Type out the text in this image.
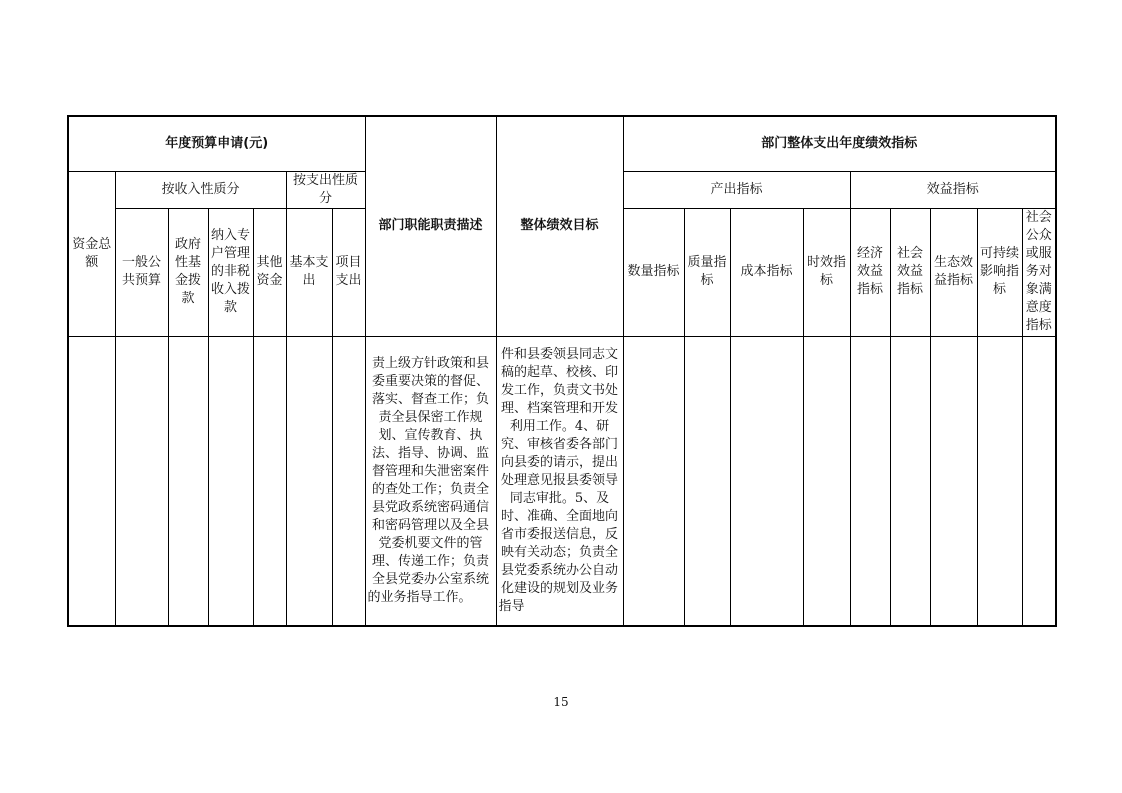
年度预算申请(元)							部门职能职责描述	整体绩效目标	部门整体支出年度绩效指标								
资金总额	按收入性质分				按支出性质分				产出指标				效益指标				
	一般公共预算	政府性基金拨款	纳入专户管理的非税收入拨款	其他资金	基本支出	项目支出			数量指标	质量指标	成本指标	时效指标	经济效益指标	社会效益指标	生态效益指标	可持续影响指标	社会公众或服务对象满意度指标
							责上级方针政策和县委重要决策的督促、落实、督查工作；负责全县保密工作规划、宣传教育、执法、指导、协调、监督管理和失泄密案件的查处工作；负责全县党政系统密码通信和密码管理以及全县党委机要文件的管理、传递工作；负责全县党委办公室系统的业务指导工作。	件和县委领县同志文稿的起草、校核、印发工作，负责文书处理、档案管理和开发利用工作。4、研究、审核省委各部门向县委的请示，提出处理意见报县委领导同志审批。5、及时、准确、全面地向省市委报送信息，反映有关动态；负责全县党委系统办公自动化建设的规划及业务指导									
15
